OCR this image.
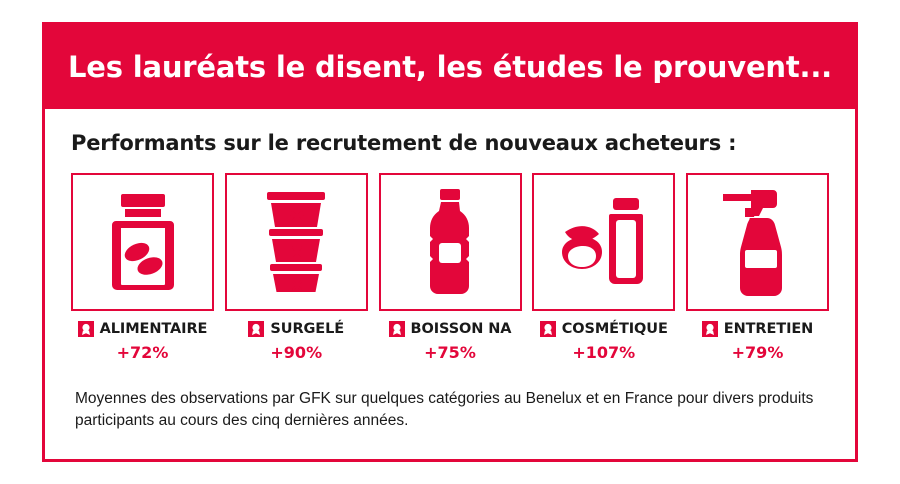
Les lauréats le disent, les études le prouvent...
Performants sur le recrutement de nouveaux acheteurs :
ALIMENTAIRE
+72%
SURGELÉ
+90%
BOISSON NA
+75%
COSMÉTIQUE
+107%
ENTRETIEN
+79%
Moyennes des observations par GFK sur quelques catégories au Benelux et en France pour divers produits participants au cours des cinq dernières années.
